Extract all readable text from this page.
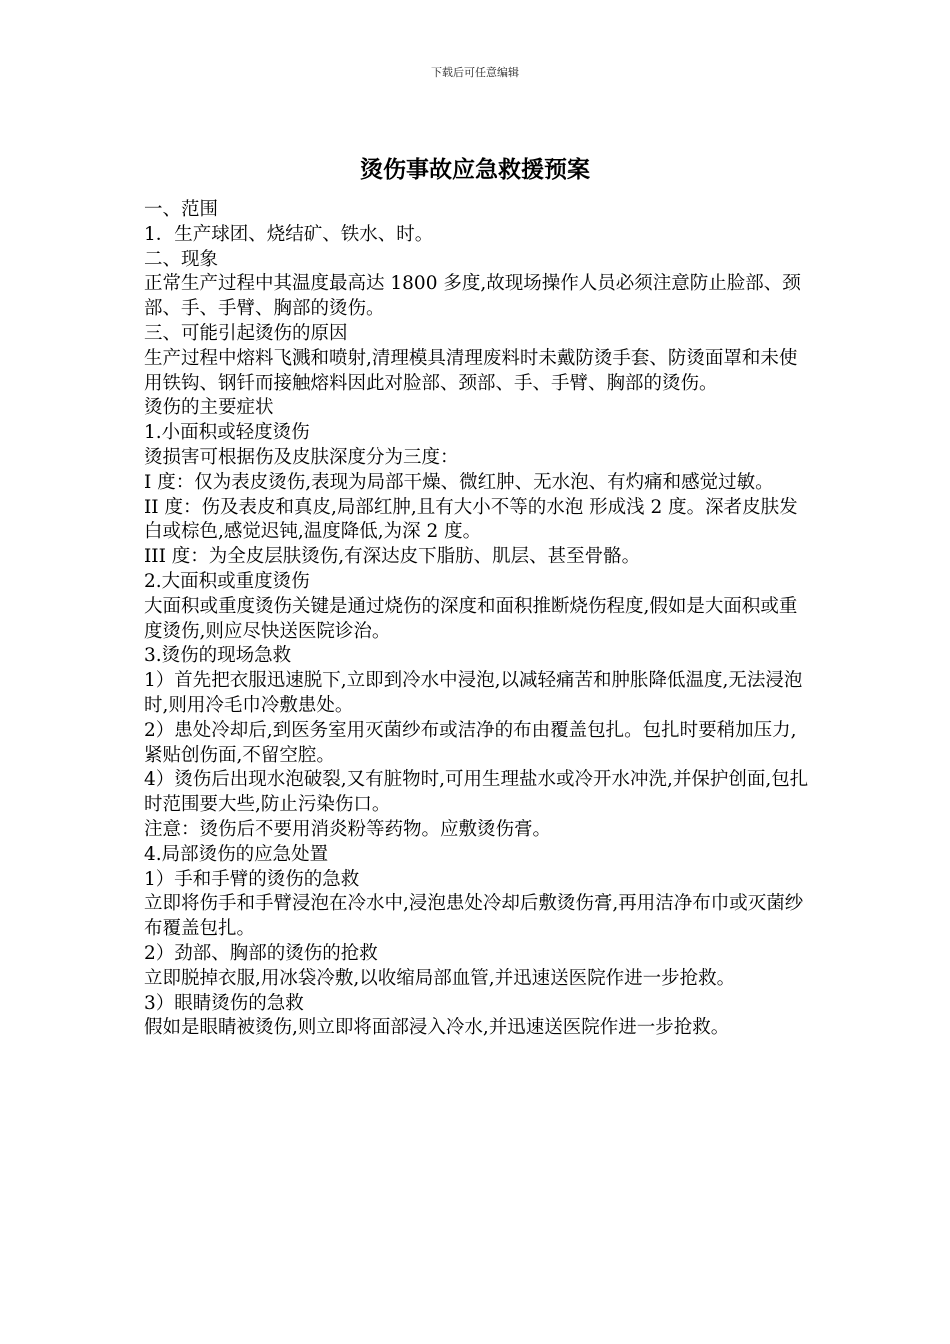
下载后可任意编辑
烫伤事故应急救援预案

一、范围

1．生产球团、烧结矿、铁水、时。

二、现象

正常生产过程中其温度最高达 1800 多度,故现场操作人员必须注意防止脸部、颈部、手、手臂、胸部的烫伤。

三、可能引起烫伤的原因

生产过程中熔料飞溅和喷射,清理模具清理废料时未戴防烫手套、防烫面罩和未使用铁钩、钢钎而接触熔料因此对脸部、颈部、手、手臂、胸部的烫伤。

烫伤的主要症状

1.小面积或轻度烫伤

烫损害可根据伤及皮肤深度分为三度：

I 度：仅为表皮烫伤,表现为局部干燥、微红肿、无水泡、有灼痛和感觉过敏。

II 度：伤及表皮和真皮,局部红肿,且有大小不等的水泡 形成浅 2 度。深者皮肤发白或棕色,感觉迟钝,温度降低,为深 2 度。

III 度：为全皮层肤烫伤,有深达皮下脂肪、肌层、甚至骨骼。

2.大面积或重度烫伤

大面积或重度烫伤关键是通过烧伤的深度和面积推断烧伤程度,假如是大面积或重度烫伤,则应尽快送医院诊治。

3.烫伤的现场急救

1）首先把衣服迅速脱下,立即到冷水中浸泡,以减轻痛苦和肿胀降低温度,无法浸泡时,则用冷毛巾冷敷患处。

2）患处冷却后,到医务室用灭菌纱布或洁净的布由覆盖包扎。包扎时要稍加压力,紧贴创伤面,不留空腔。

4）烫伤后出现水泡破裂,又有脏物时,可用生理盐水或冷开水冲洗,并保护创面,包扎时范围要大些,防止污染伤口。

注意：烫伤后不要用消炎粉等药物。应敷烫伤膏。

4.局部烫伤的应急处置

1）手和手臂的烫伤的急救

立即将伤手和手臂浸泡在冷水中,浸泡患处冷却后敷烫伤膏,再用洁净布巾或灭菌纱布覆盖包扎。

2）劲部、胸部的烫伤的抢救

立即脱掉衣服,用冰袋冷敷,以收缩局部血管,并迅速送医院作进一步抢救。

3）眼睛烫伤的急救

假如是眼睛被烫伤,则立即将面部浸入冷水,并迅速送医院作进一步抢救。
